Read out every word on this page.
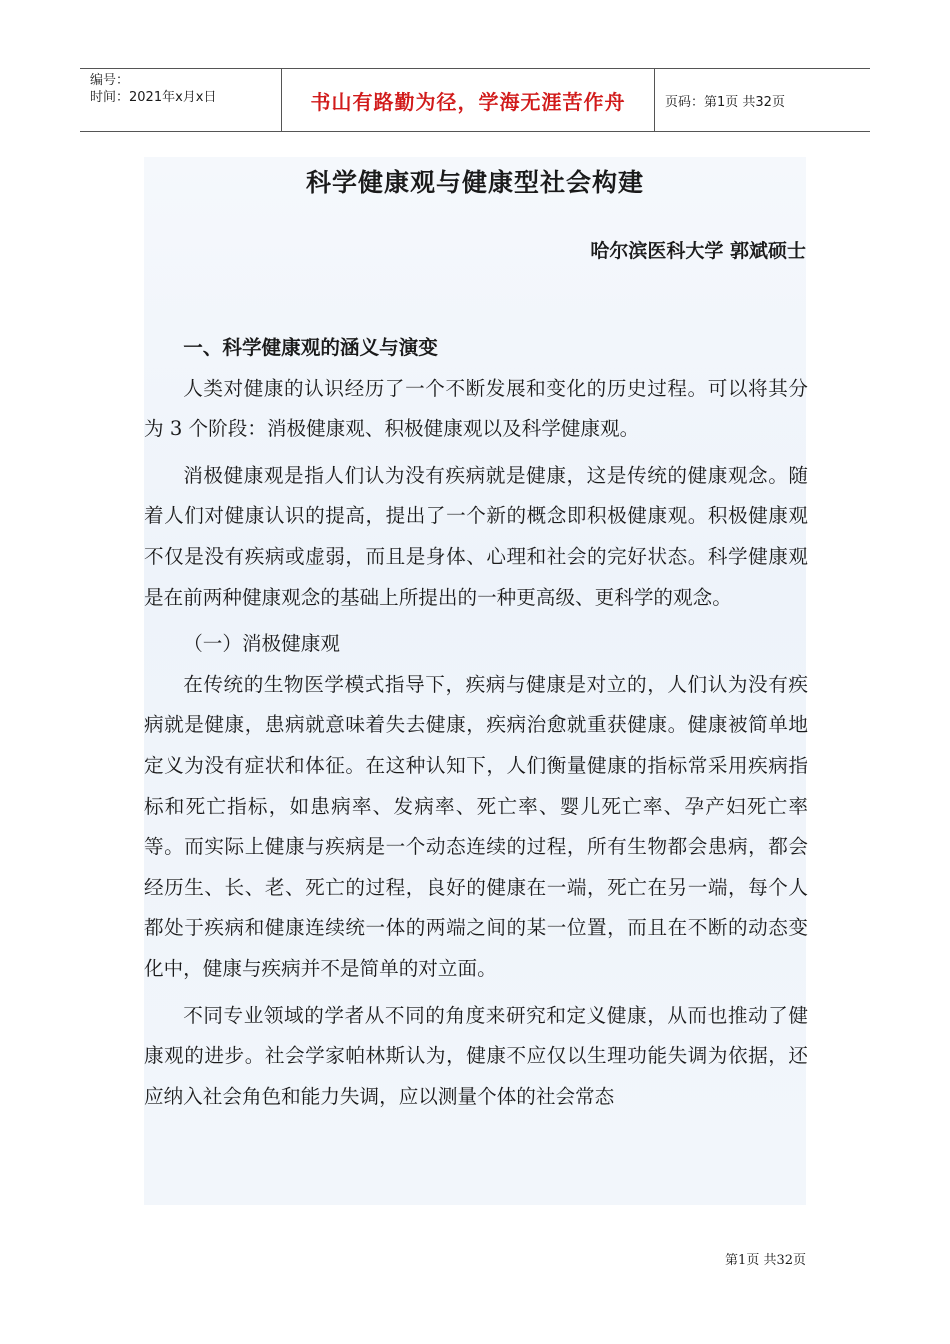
编号：
时间：2021年x月x日	书山有路勤为径，学海无涯苦作舟	页码：第1页 共32页
科学健康观与健康型社会构建
哈尔滨医科大学 郭斌硕士

一、科学健康观的涵义与演变

人类对健康的认识经历了一个不断发展和变化的历史过程。可以将其分为 3 个阶段：消极健康观、积极健康观以及科学健康观。

消极健康观是指人们认为没有疾病就是健康，这是传统的健康观念。随着人们对健康认识的提高，提出了一个新的概念即积极健康观。积极健康观不仅是没有疾病或虚弱，而且是身体、心理和社会的完好状态。科学健康观是在前两种健康观念的基础上所提出的一种更高级、更科学的观念。

（一）消极健康观

在传统的生物医学模式指导下，疾病与健康是对立的，人们认为没有疾病就是健康，患病就意味着失去健康，疾病治愈就重获健康。健康被简单地定义为没有症状和体征。在这种认知下，人们衡量健康的指标常采用疾病指标和死亡指标，如患病率、发病率、死亡率、婴儿死亡率、孕产妇死亡率等。而实际上健康与疾病是一个动态连续的过程，所有生物都会患病，都会经历生、长、老、死亡的过程，良好的健康在一端，死亡在另一端，每个人都处于疾病和健康连续统一体的两端之间的某一位置，而且在不断的动态变化中，健康与疾病并不是简单的对立面。

不同专业领域的学者从不同的角度来研究和定义健康，从而也推动了健康观的进步。社会学家帕林斯认为，健康不应仅以生理功能失调为依据，还应纳入社会角色和能力失调，应以测量个体的社会常态

第1页 共32页
